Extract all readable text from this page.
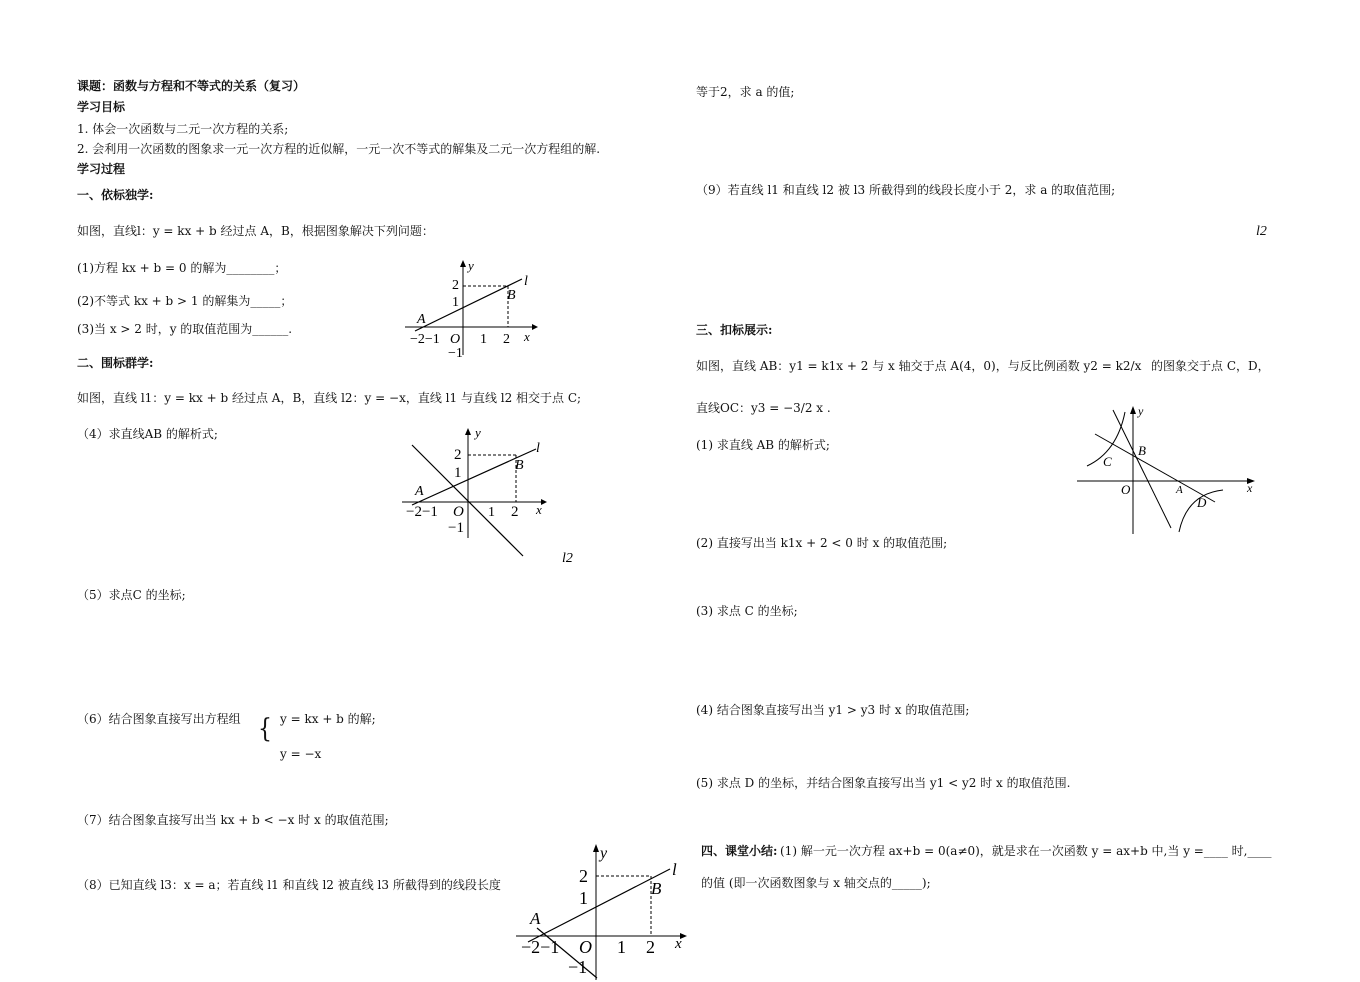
课题：函数与方程和不等式的关系（复习）
学习目标
1. 体会一次函数与二元一次方程的关系;
2. 会利用一次函数的图象求一元一次方程的近似解，一元一次不等式的解集及二元一次方程组的解.
学习过程
一、依标独学:
如图，直线l：y = kx + b 经过点 A，B，根据图象解决下列问题：
(1)方程 kx + b = 0 的解为________；
(2)不等式 kx + b > 1 的解集为_____；
(3)当 x > 2 时，y 的取值范围为______.
二、围标群学:
如图，直线 l1：y = kx + b 经过点 A，B，直线 l2：y = −x，直线 l1 与直线 l2 相交于点 C;
（4）求直线AB 的解析式;
（5）求点C 的坐标;
（6）结合图象直接写出方程组 { y = kx + b 的解;
y = −x
（7）结合图象直接写出当 kx + b < −x 时 x 的取值范围;
（8）已知直线 l3：x = a；若直线 l1 和直线 l2 被直线 l3 所截得到的线段长度
y
l
B
A
2
1
−2−1 O 1 2 x
−1
y
l
B
A
2
1
−2−1 O 1 2 x
−1
l2
y
l
B
A
2
1
−2−1 O 1 2 x
−1
等于2，求 a 的值;
（9）若直线 l1 和直线 l2 被 l3 所截得到的线段长度小于 2，求 a 的取值范围;
l2
三、扣标展示:
如图，直线 AB：y1 = k1x + 2 与 x 轴交于点 A(4，0)，与反比例函数 y2 = k2/x 的图象交于点 C，D，
直线OC：y3 = −3/2 x .
(1) 求直线 AB 的解析式;
(2) 直接写出当 k1x + 2 < 0 时 x 的取值范围;
(3) 求点 C 的坐标;
(4) 结合图象直接写出当 y1 > y3 时 x 的取值范围;
(5) 求点 D 的坐标，并结合图象直接写出当 y1 < y2 时 x 的取值范围.
四、课堂小结: (1) 解一元一次方程 ax+b = 0(a≠0)，就是求在一次函数 y = ax+b 中,当 y =____ 时,____
的值 (即一次函数图象与 x 轴交点的_____);
y
B
C
O	A
D
x
